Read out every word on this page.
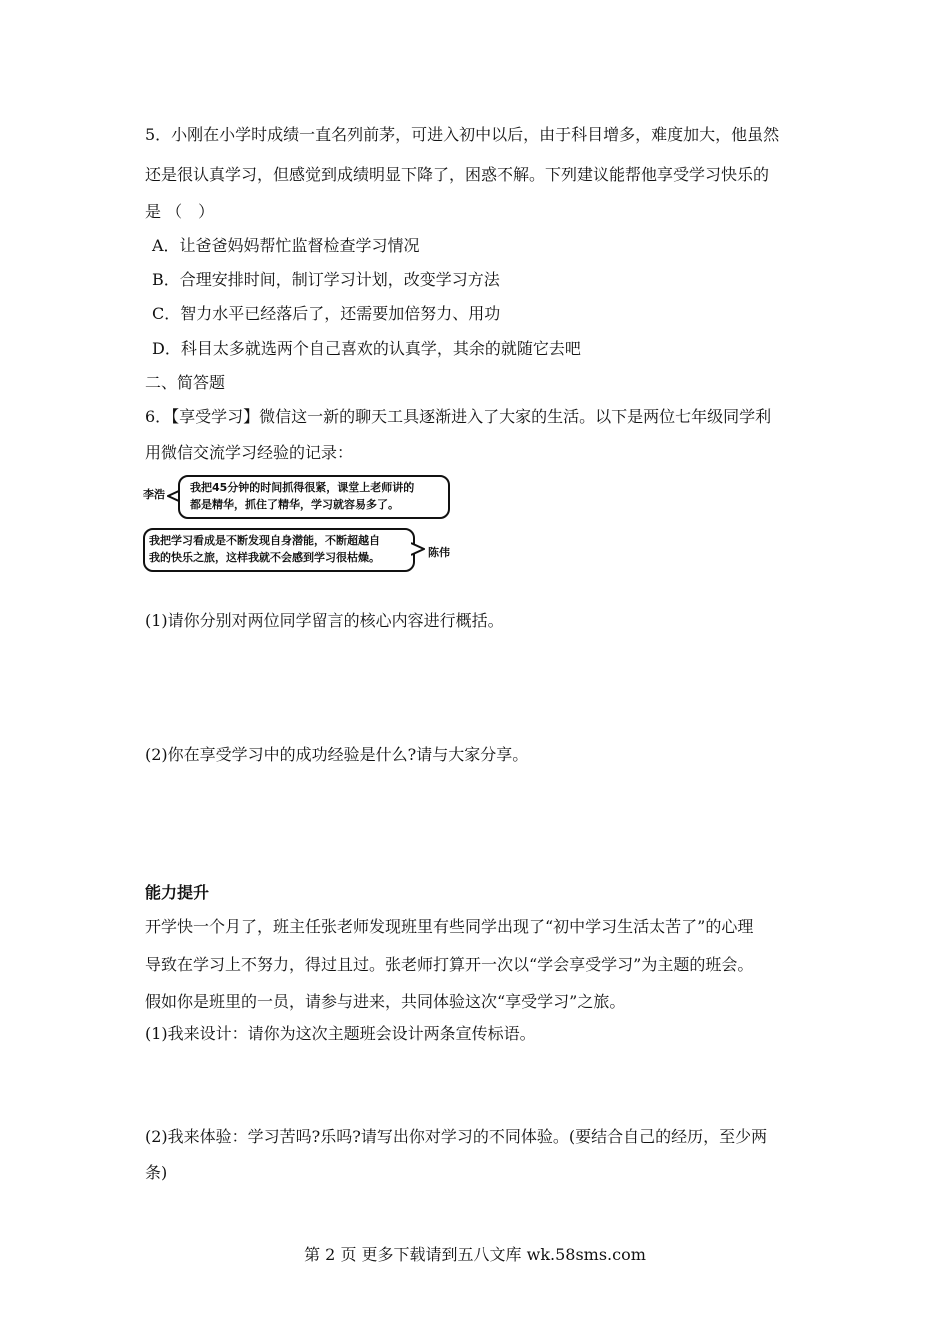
5．小刚在小学时成绩一直名列前茅，可进入初中以后，由于科目增多，难度加大，他虽然
还是很认真学习，但感觉到成绩明显下降了，困惑不解。下列建议能帮他享受学习快乐的
是 （　）
A．让爸爸妈妈帮忙监督检查学习情况
B．合理安排时间，制订学习计划，改变学习方法
C．智力水平已经落后了，还需要加倍努力、用功
D．科目太多就选两个自己喜欢的认真学，其余的就随它去吧
二、简答题
6．【享受学习】微信这一新的聊天工具逐渐进入了大家的生活。以下是两位七年级同学利
用微信交流学习经验的记录：
李浩
我把45分钟的时间抓得很紧，课堂上老师讲的
都是精华，抓住了精华，学习就容易多了。
我把学习看成是不断发现自身潜能，不断超越自
我的快乐之旅，这样我就不会感到学习很枯燥。	陈伟
(1)请你分别对两位同学留言的核心内容进行概括。
(2)你在享受学习中的成功经验是什么?请与大家分享。
能力提升
开学快一个月了，班主任张老师发现班里有些同学出现了“初中学习生活太苦了”的心理
导致在学习上不努力，得过且过。张老师打算开一次以“学会享受学习”为主题的班会。
假如你是班里的一员，请参与进来，共同体验这次“享受学习”之旅。
(1)我来设计：请你为这次主题班会设计两条宣传标语。
(2)我来体验：学习苦吗?乐吗?请写出你对学习的不同体验。(要结合自己的经历，至少两
条)
第 2 页 更多下载请到五八文库 wk.58sms.com
